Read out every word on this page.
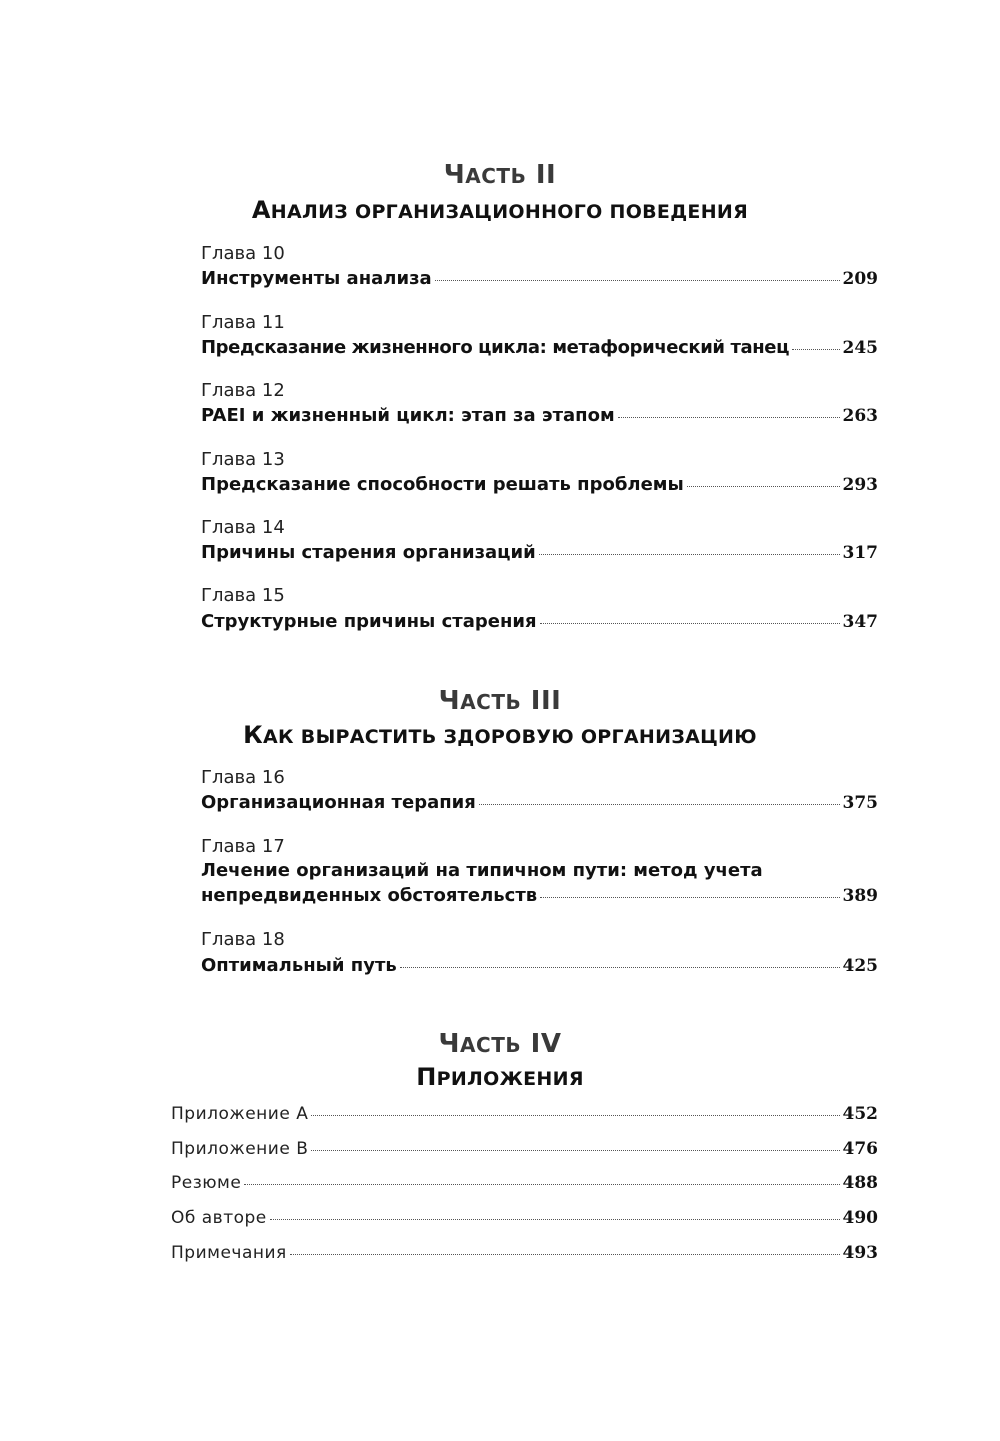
ЧАСТЬ II
АНАЛИЗ ОРГАНИЗАЦИОННОГО ПОВЕДЕНИЯ
Глава 10
Инструменты анализа	209
Глава 11
Предсказание жизненного цикла: метафорический танец	245
Глава 12
PAEI и жизненный цикл: этап за этапом	263
Глава 13
Предсказание способности решать проблемы	293
Глава 14
Причины старения организаций	317
Глава 15
Структурные причины старения	347
ЧАСТЬ III
КАК ВЫРАСТИТЬ ЗДОРОВУЮ ОРГАНИЗАЦИЮ
Глава 16
Организационная терапия	375
Глава 17
Лечение организаций на типичном пути: метод учета
непредвиденных обстоятельств	389
Глава 18
Оптимальный путь	425
ЧАСТЬ IV
ПРИЛОЖЕНИЯ
Приложение А	452
Приложение В	476
Резюме	488
Об авторе	490
Примечания	493
